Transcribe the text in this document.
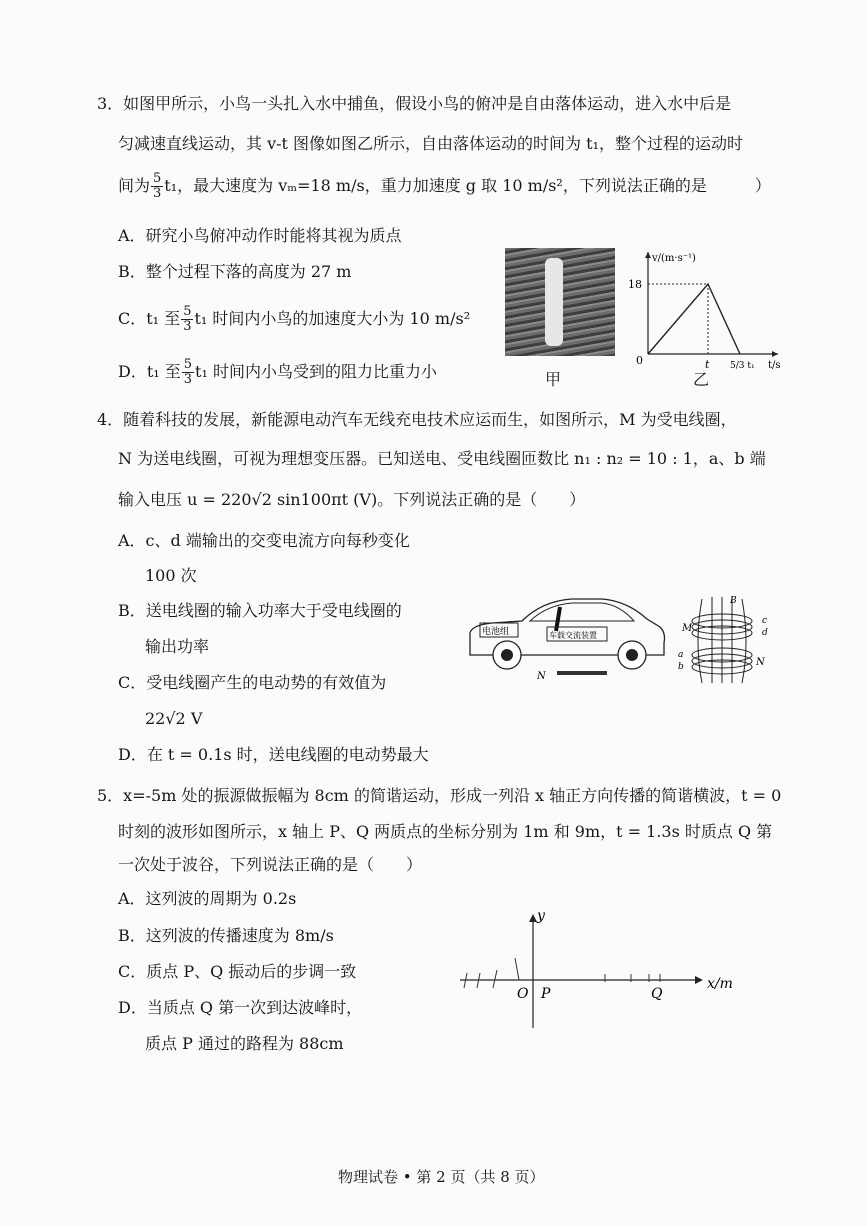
3．如图甲所示，小鸟一头扎入水中捕鱼，假设小鸟的俯冲是自由落体运动，进入水中后是
匀减速直线运动，其 v-t 图像如图乙所示，自由落体运动的时间为 t₁，整个过程的运动时
间为 $\frac{5}{3} t_1$，最大速度为 vₘ=18 m/s，重力加速度 g 取 10 m/s²，下列说法正确的是　　　）
A．研究小鸟俯冲动作时能将其视为质点
B．整个过程下落的高度为 27 m
C．t₁ 至 $\frac{5}{3} t_1$ 时间内小鸟的加速度大小为 10 m/s²
D．t₁ 至 $\frac{5}{3} t_1$ 时间内小鸟受到的阻力比重力小	甲
v/(m·s⁻¹)
18
0	t 5/3 t₁ t/s
乙
4．随着科技的发展，新能源电动汽车无线充电技术应运而生，如图所示，M 为受电线圈，
N 为送电线圈，可视为理想变压器。已知送电、受电线圈匝数比 n₁ : n₂ = 10 : 1，a、b 端
输入电压 u = 220√2 sin100πt (V)。下列说法正确的是（　　）
A．c、d 端输出的交变电流方向每秒变化
100 次
B．送电线圈的输入功率大于受电线圈的
输出功率
C．受电线圈产生的电动势的有效值为
22√2 V
D．在 t = 0.1s 时，送电线圈的电动势最大
电池组	车载交流装置
N
B
M
N
a
b
c
d
5．x=-5m 处的振源做振幅为 8cm 的简谐运动，形成一列沿 x 轴正方向传播的简谐横波，t = 0
时刻的波形如图所示，x 轴上 P、Q 两质点的坐标分别为 1m 和 9m，t = 1.3s 时质点 Q 第
一次处于波谷，下列说法正确的是（　　）
A．这列波的周期为 0.2s
B．这列波的传播速度为 8m/s
C．质点 P、Q 振动后的步调一致
D．当质点 Q 第一次到达波峰时，
质点 P 通过的路程为 88cm
y
x/m
O P	Q
物理试卷 • 第 2 页（共 8 页）
